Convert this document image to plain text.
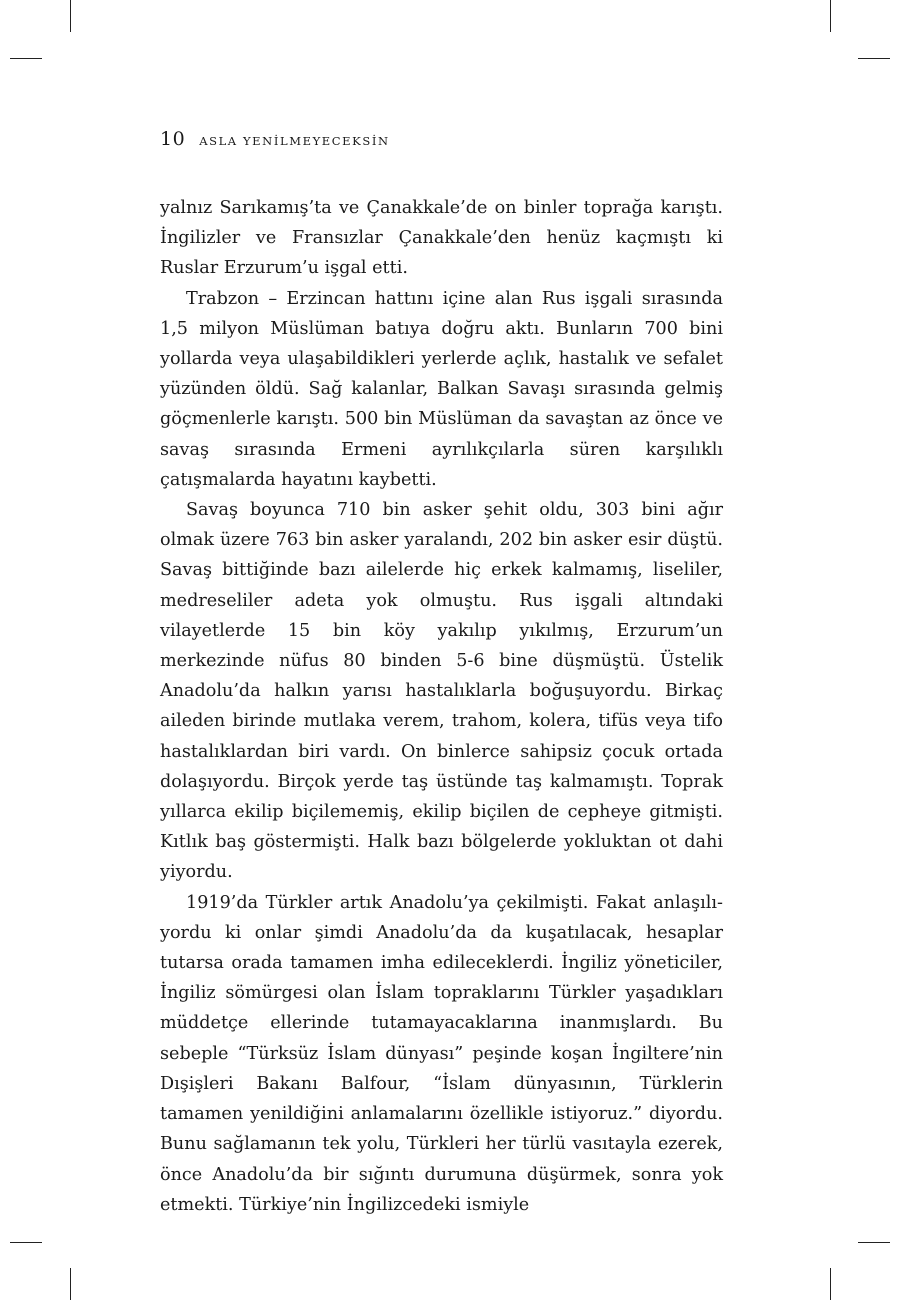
10 ASLA YENİLMEYECEKSİN

yalnız Sarıkamış’ta ve Çanakkale’de on binler toprağa karıştı. İngilizler ve Fransızlar Çanakkale’den henüz kaçmıştı ki Ruslar Erzurum’u işgal etti.

Trabzon – Erzincan hattını içine alan Rus işgali sırasında 1,5 milyon Müslüman batıya doğru aktı. Bunların 700 bini yollarda veya ulaşabildikleri yerlerde açlık, hastalık ve sefalet yüzünden öldü. Sağ kalanlar, Balkan Savaşı sırasında gelmiş göçmenlerle karıştı. 500 bin Müslüman da savaştan az önce ve savaş sırasında Ermeni ayrılıkçılarla süren karşılıklı çatışmalarda hayatını kaybetti.

Savaş boyunca 710 bin asker şehit oldu, 303 bini ağır olmak üzere 763 bin asker yaralandı, 202 bin asker esir düştü. Savaş bittiğinde bazı ailelerde hiç erkek kalmamış, liseliler, medreseliler adeta yok olmuştu. Rus işgali altındaki vilayetlerde 15 bin köy yakılıp yıkılmış, Erzurum’un merkezinde nüfus 80 binden 5-6 bine düşmüştü. Üstelik Anadolu’da halkın yarısı hastalıklarla boğuşuyordu. Birkaç aileden birinde mutlaka verem, trahom, kolera, tifüs veya tifo hastalıklardan biri vardı. On binlerce sahipsiz çocuk ortada dolaşıyordu. Birçok yerde taş üstünde taş kalmamıştı. Toprak yıllarca ekilip biçilememiş, ekilip biçilen de cepheye gitmişti. Kıtlık baş göstermişti. Halk bazı bölgelerde yokluktan ot dahi yiyordu.

1919’da Türkler artık Anadolu’ya çekilmişti. Fakat anlaşılıyordu ki onlar şimdi Anadolu’da da kuşatılacak, hesaplar tutarsa orada tamamen imha edileceklerdi. İngiliz yöneticiler, İngiliz sömürgesi olan İslam topraklarını Türkler yaşadıkları müddetçe ellerinde tutamayacaklarına inanmışlardı. Bu sebeple “Türksüz İslam dünyası” peşinde koşan İngiltere’nin Dışişleri Bakanı Balfour, “İslam dünyasının, Türklerin tamamen yenildiğini anlamalarını özellikle istiyoruz.” diyordu. Bunu sağlamanın tek yolu, Türkleri her türlü vasıtayla ezerek, önce Anadolu’da bir sığıntı durumuna düşürmek, sonra yok etmekti. Türkiye’nin İngilizcedeki ismiyle
